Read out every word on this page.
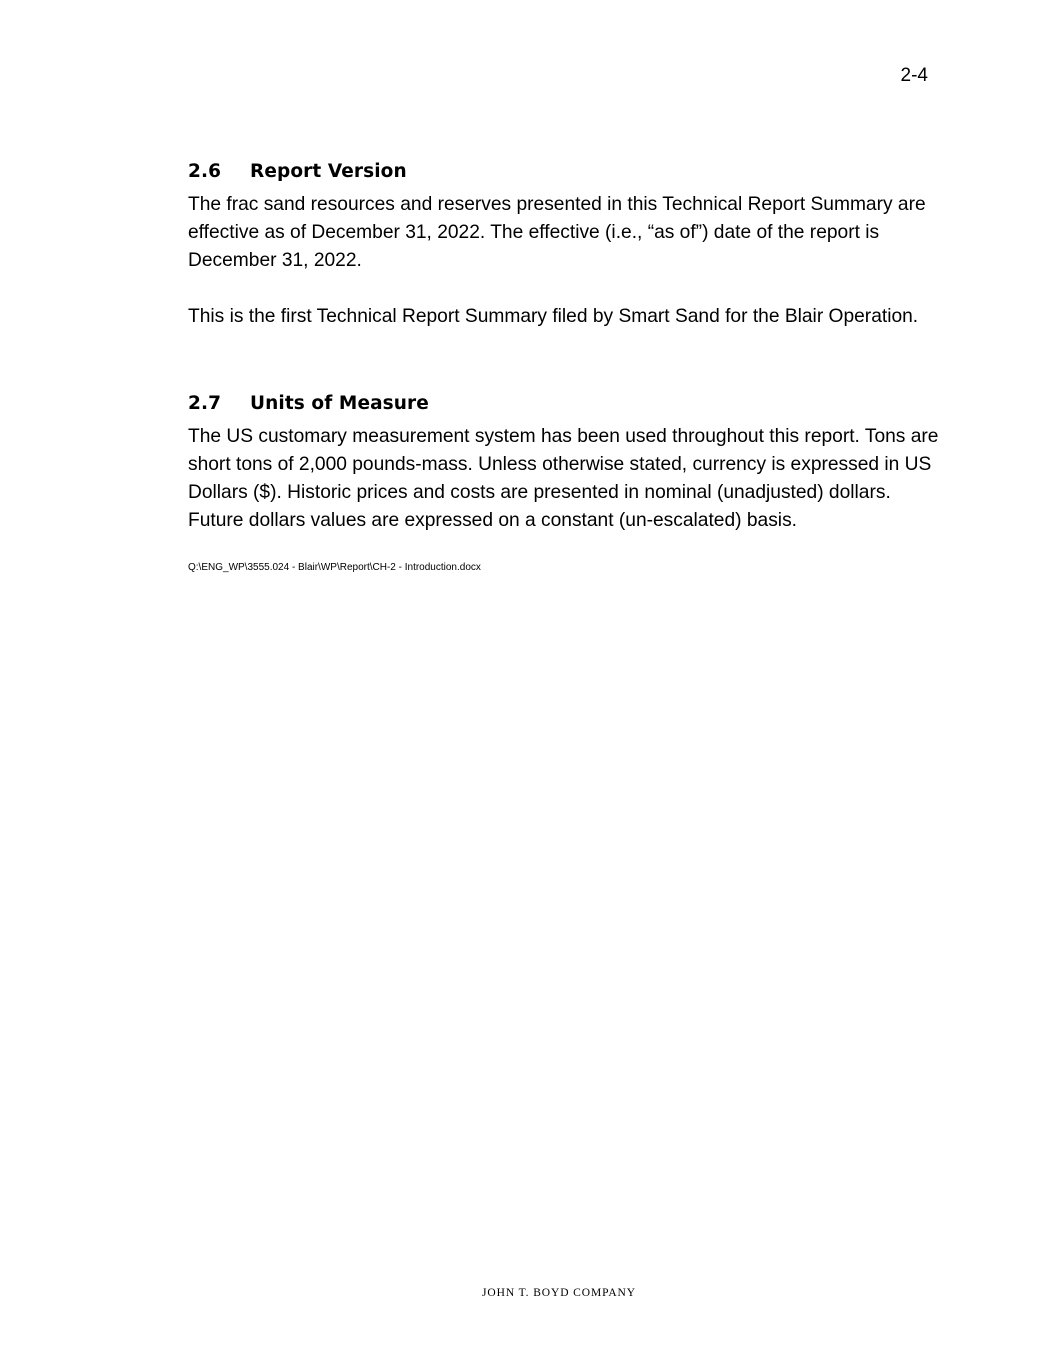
2-4
2.6 Report Version

The frac sand resources and reserves presented in this Technical Report Summary are effective as of December 31, 2022. The effective (i.e., “as of”) date of the report is December 31, 2022.

This is the first Technical Report Summary filed by Smart Sand for the Blair Operation.

2.7 Units of Measure

The US customary measurement system has been used throughout this report. Tons are short tons of 2,000 pounds-mass. Unless otherwise stated, currency is expressed in US Dollars ($). Historic prices and costs are presented in nominal (unadjusted) dollars. Future dollars values are expressed on a constant (un-escalated) basis.

Q:\ENG_WP\3555.024 - Blair\WP\Report\CH-2 - Introduction.docx
JOHN T. BOYD COMPANY
